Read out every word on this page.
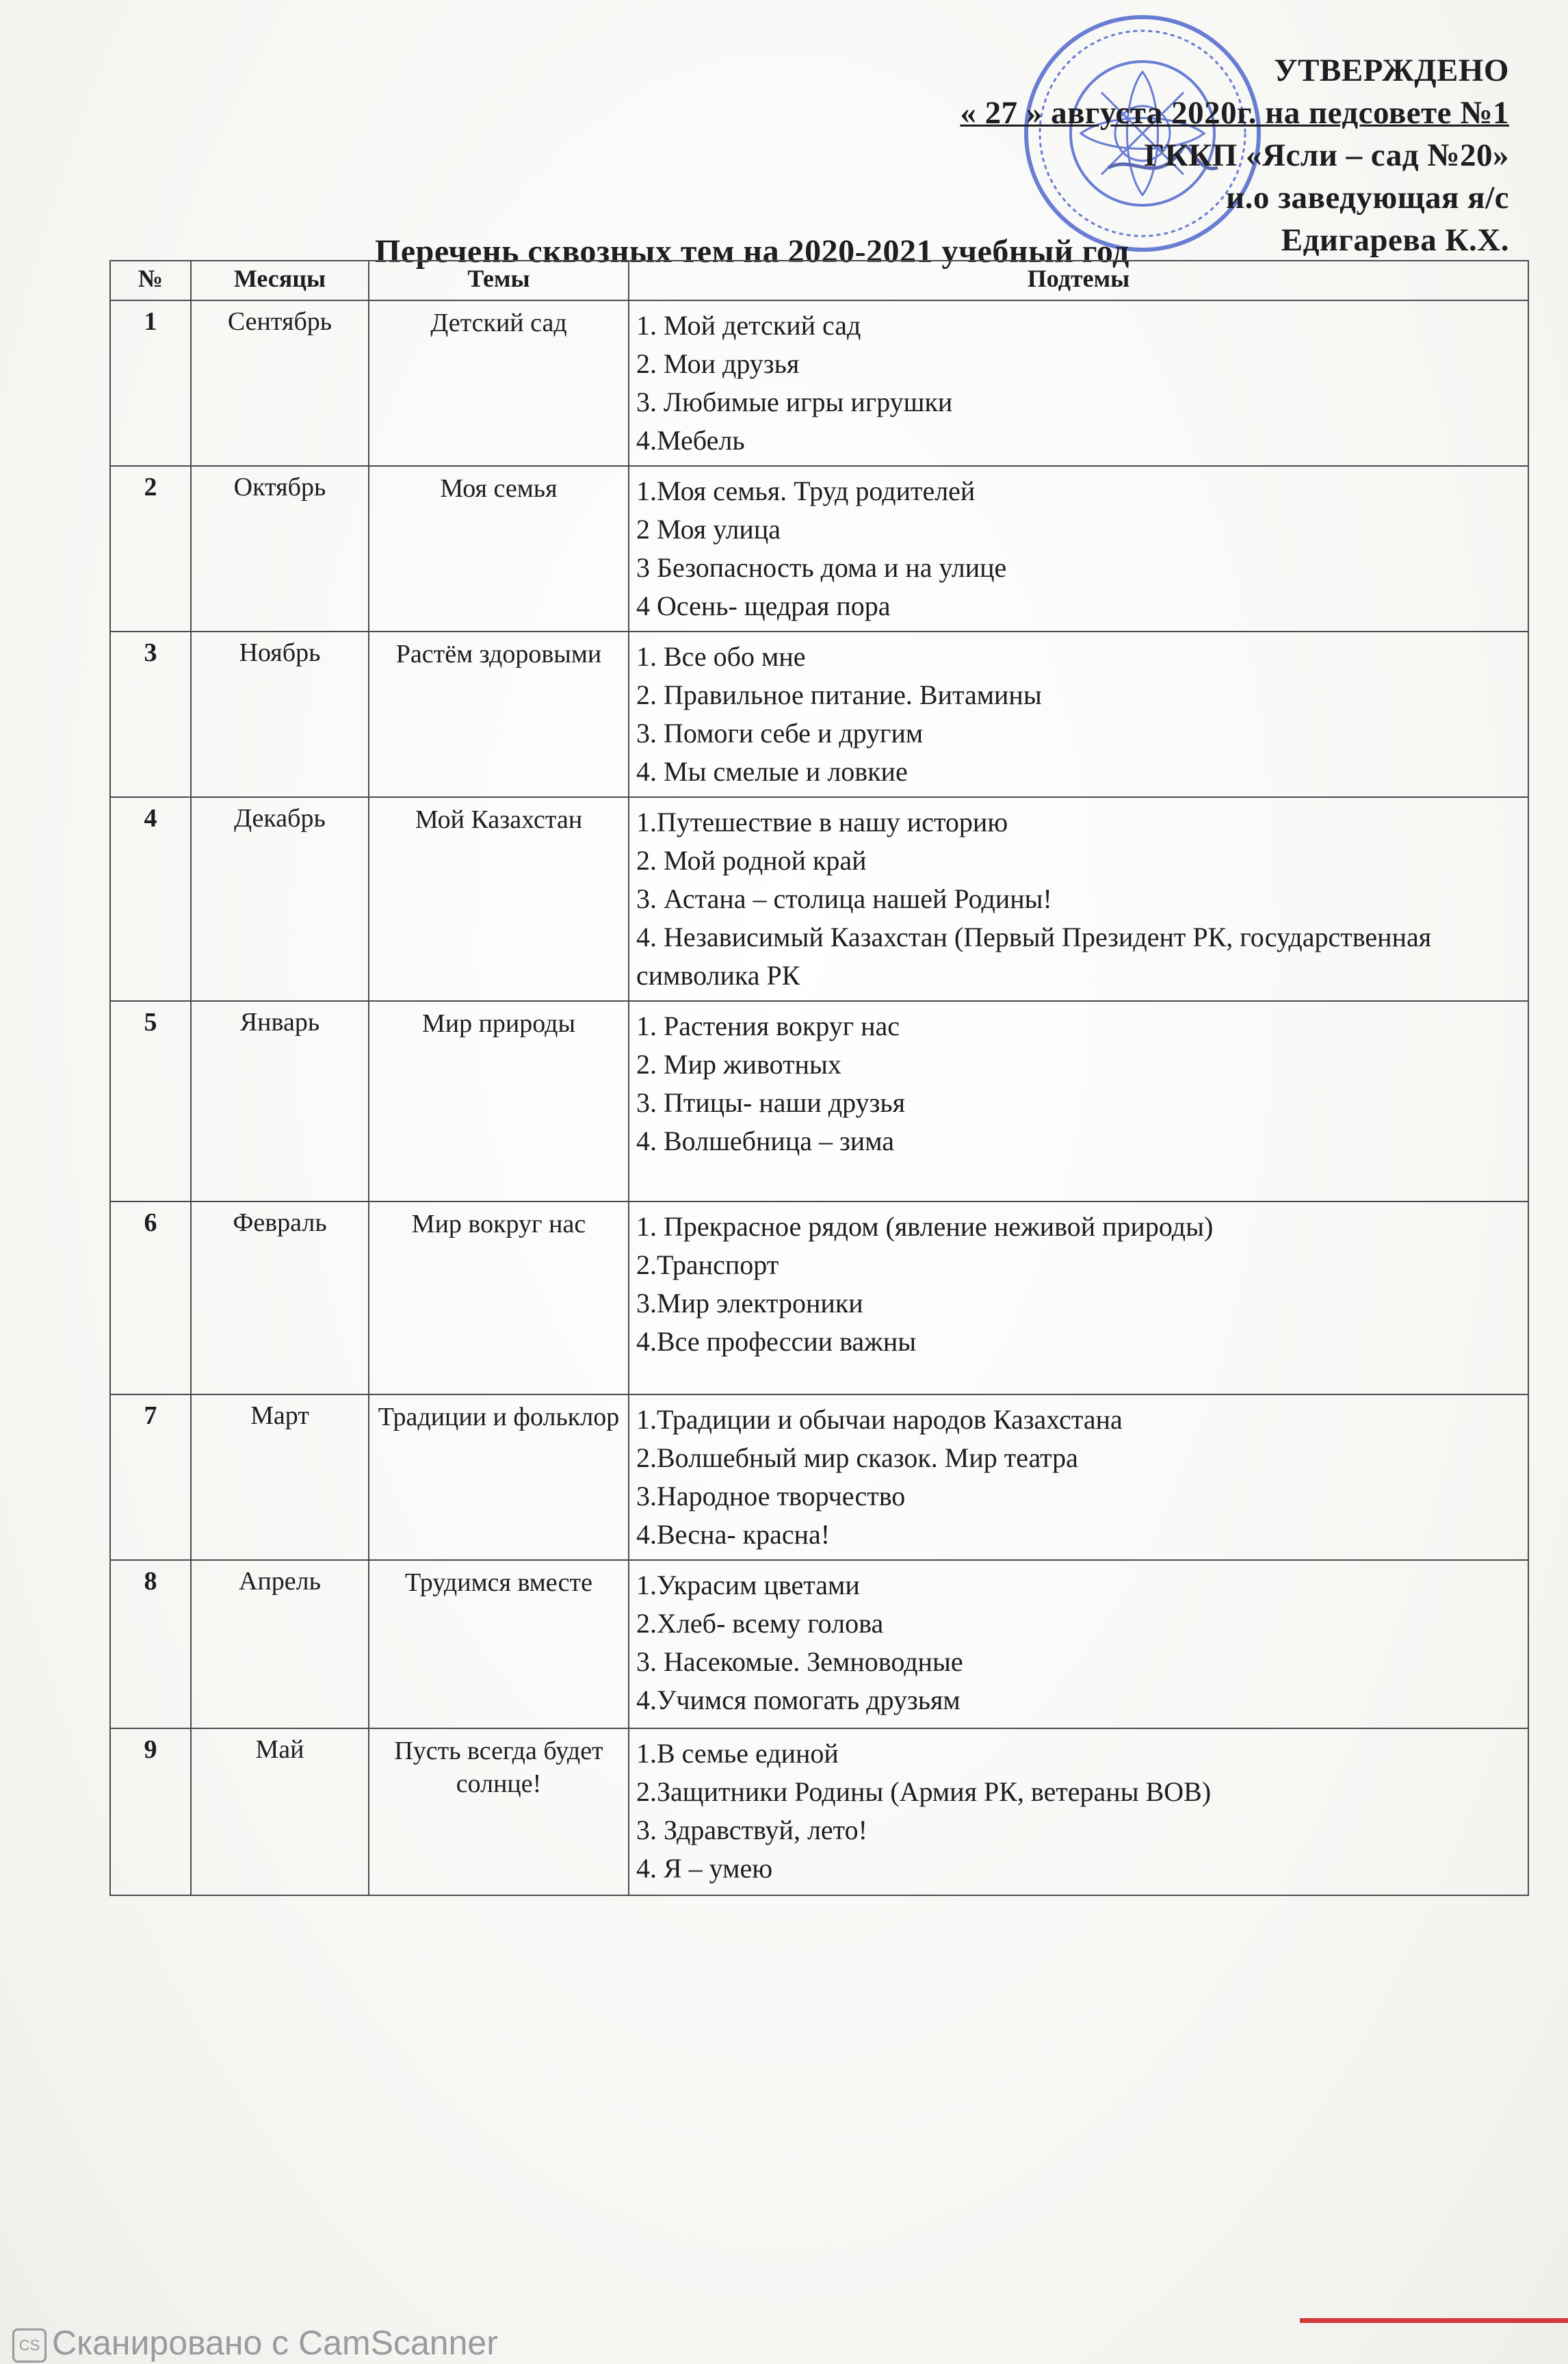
УТВЕРЖДЕНО
« 27 » августа 2020г. на педсовете №1
ГККП «Ясли – сад №20»
и.о заведующая я/с
Едигарева К.Х.
Перечень сквозных тем на 2020-2021 учебный год
№	Месяцы	Темы	Подтемы
1	Сентябрь	Детский сад	1. Мой детский сад
2. Мои друзья
3. Любимые игры игрушки
4.Мебель

2	Октябрь	Моя семья	1.Моя семья. Труд родителей
2 Моя улица
3 Безопасность дома и на улице
4 Осень- щедрая пора

3	Ноябрь	Растём здоровыми	1. Все обо мне
2. Правильное питание. Витамины
3. Помоги себе и другим
4. Мы смелые и ловкие

4	Декабрь	Мой Казахстан	1.Путешествие в нашу историю
2. Мой родной край
3. Астана – столица нашей Родины!
4. Независимый Казахстан (Первый Президент РК, государственная символика РК

5	Январь	Мир природы	1. Растения вокруг нас
2. Мир животных
3. Птицы- наши друзья
4. Волшебница – зима

6	Февраль	Мир вокруг нас	1. Прекрасное рядом (явление неживой природы)
2.Транспорт
3.Мир электроники
4.Все профессии важны

7	Март	Традиции и фольклор	1.Традиции и обычаи народов Казахстана
2.Волшебный мир сказок. Мир театра
3.Народное творчество
4.Весна- красна!

8	Апрель	Трудимся вместе	1.Украсим цветами
2.Хлеб- всему голова
3. Насекомые. Земноводные
4.Учимся помогать друзьям

9	Май	Пусть всегда будет солнце!	1.В семье единой
2.Защитники Родины (Армия РК, ветераны ВОВ)
3. Здравствуй, лето!
4. Я – умею
CS Сканировано с CamScanner
